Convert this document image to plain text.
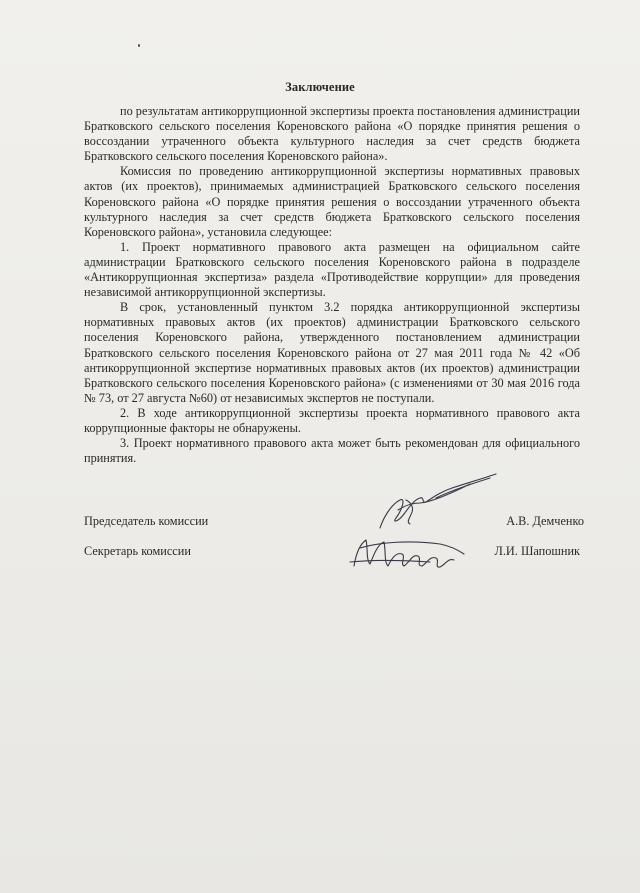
Заключение

по результатам антикоррупционной экспертизы проекта постановления администрации Братковского сельского поселения Кореновского района «О порядке принятия решения о воссоздании утраченного объекта культурного наследия за счет средств бюджета Братковского сельского поселения Кореновского района».

Комиссия по проведению антикоррупционной экспертизы нормативных правовых актов (их проектов), принимаемых администрацией Братковского сельского поселения Кореновского района «О порядке принятия решения о воссоздании утраченного объекта культурного наследия за счет средств бюджета Братковского сельского поселения Кореновского района», установила следующее:

1. Проект нормативного правового акта размещен на официальном сайте администрации Братковского сельского поселения Кореновского района в подразделе «Антикоррупционная экспертиза» раздела «Противодействие коррупции» для проведения независимой антикоррупционной экспертизы.

В срок, установленный пунктом 3.2 порядка антикоррупционной экспертизы нормативных правовых актов (их проектов) администрации Братковского сельского поселения Кореновского района, утвержденного постановлением администрации Братковского сельского поселения Кореновского района от 27 мая 2011 года № 42 «Об антикоррупционной экспертизе нормативных правовых актов (их проектов) администрации Братковского сельского поселения Кореновского района» (с изменениями от 30 мая 2016 года № 73, от 27 августа №60) от независимых экспертов не поступали.

2. В ходе антикоррупционной экспертизы проекта нормативного правового акта коррупционные факторы не обнаружены.

3. Проект нормативного правового акта может быть рекомендован для официального принятия.

Председатель комиссии	А.В. Демченко
Секретарь комиссии	Л.И. Шапошник
